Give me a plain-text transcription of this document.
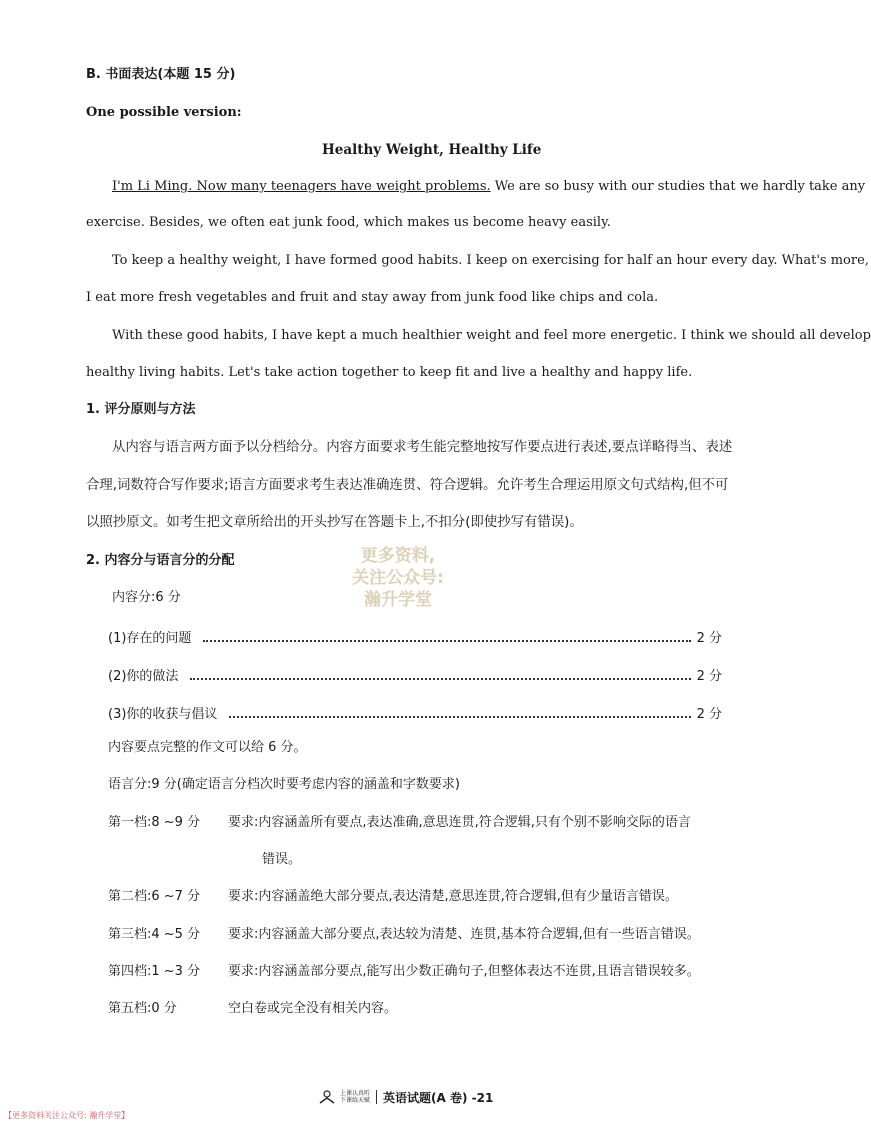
B. 书面表达(本题 15 分)
One possible version:
Healthy Weight, Healthy Life
I'm Li Ming. Now many teenagers have weight problems. We are so busy with our studies that we hardly take any
exercise. Besides, we often eat junk food, which makes us become heavy easily.
To keep a healthy weight, I have formed good habits. I keep on exercising for half an hour every day. What's more,
I eat more fresh vegetables and fruit and stay away from junk food like chips and cola.
With these good habits, I have kept a much healthier weight and feel more energetic. I think we should all develop
healthy living habits. Let's take action together to keep fit and live a healthy and happy life.
1. 评分原则与方法
从内容与语言两方面予以分档给分。内容方面要求考生能完整地按写作要点进行表述,要点详略得当、表述
合理,词数符合写作要求;语言方面要求考生表达准确连贯、符合逻辑。允许考生合理运用原文句式结构,但不可
以照抄原文。如考生把文章所给出的开头抄写在答题卡上,不扣分(即使抄写有错误)。
2. 内容分与语言分的分配
内容分:6 分
(1)存在的问题	2 分
(2)你的做法	2 分
(3)你的收获与倡议	2 分
内容要点完整的作文可以给 6 分。
语言分:9 分(确定语言分档次时要考虑内容的涵盖和字数要求)
第一档:8 ~9 分 要求:内容涵盖所有要点,表达准确,意思连贯,符合逻辑,只有个别不影响交际的语言
错误。
第二档:6 ~7 分 要求:内容涵盖绝大部分要点,表达清楚,意思连贯,符合逻辑,但有少量语言错误。
第三档:4 ~5 分 要求:内容涵盖大部分要点,表达较为清楚、连贯,基本符合逻辑,但有一些语言错误。
第四档:1 ~3 分 要求:内容涵盖部分要点,能写出少数正确句子,但整体表达不连贯,且语言错误较多。
第五档:0 分	空白卷或完全没有相关内容。
更多资料,
关注公众号:
瀚升学堂
上课认真听
下课练天赋 英语试题(A 卷) -21
【更多资料关注公众号: 瀚升学堂】
